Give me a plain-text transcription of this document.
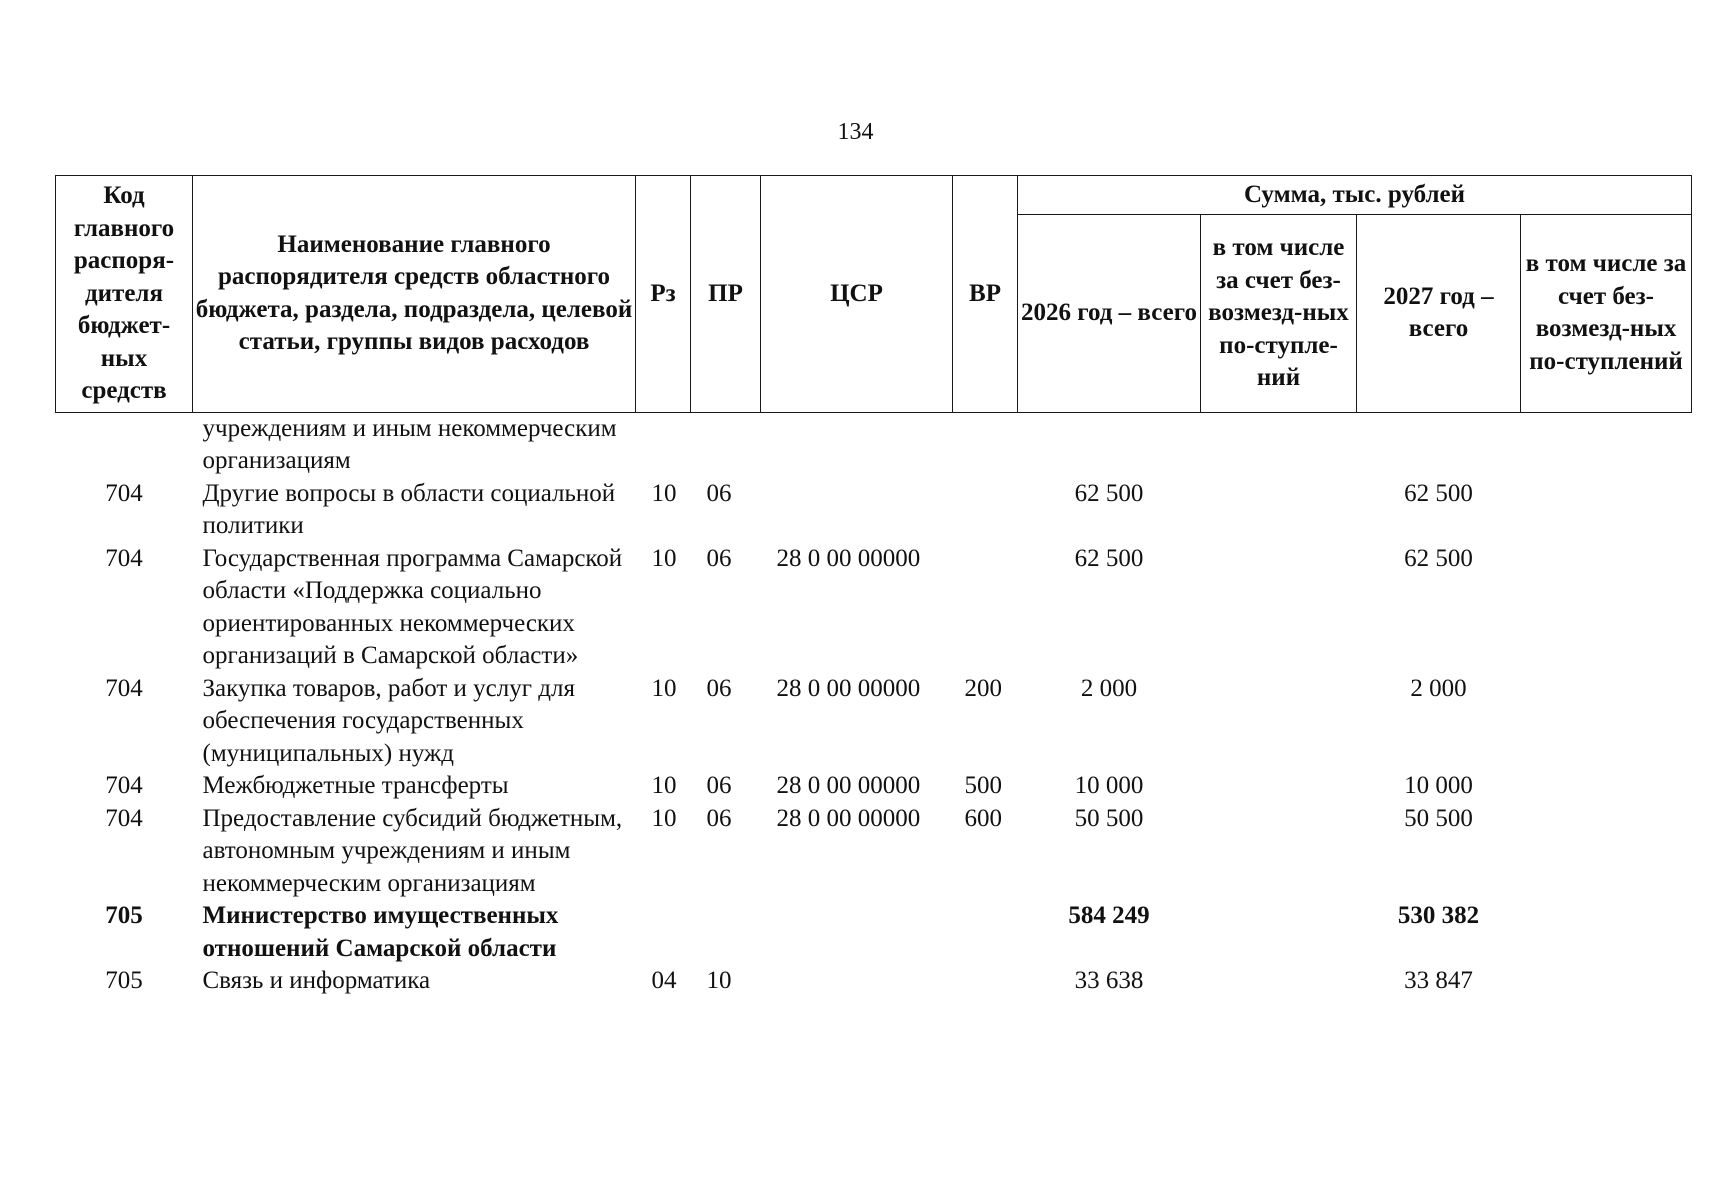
134
Код главного распоря-дителя бюджет-ных средств	Наименование главного распорядителя средств областного бюджета, раздела, подраздела, целевой статьи, группы видов расходов	Рз	ПР	ЦСР	ВР	Сумма, тыс. рублей			
						2026 год – всего	в том числе за счет без-возмезд-ных по-ступле-ний	2027 год – всего	в том числе за счет без-возмезд-ных по-ступлений
	учреждениям и иным некоммерческим организациям								
704	Другие вопросы в области социальной политики	10	06			62 500		62 500	
704	Государственная программа Самарской области «Поддержка социально ориентированных некоммерческих организаций в Самарской области»	10	06	28 0 00 00000		62 500		62 500	
704	Закупка товаров, работ и услуг для обеспечения государственных (муниципальных) нужд	10	06	28 0 00 00000	200	2 000		2 000	
704	Межбюджетные трансферты	10	06	28 0 00 00000	500	10 000		10 000	
704	Предоставление субсидий бюджетным, автономным учреждениям и иным некоммерческим организациям	10	06	28 0 00 00000	600	50 500		50 500	
705	Министерство имущественных отношений Самарской области					584 249		530 382	
705	Связь и информатика	04	10			33 638		33 847	
